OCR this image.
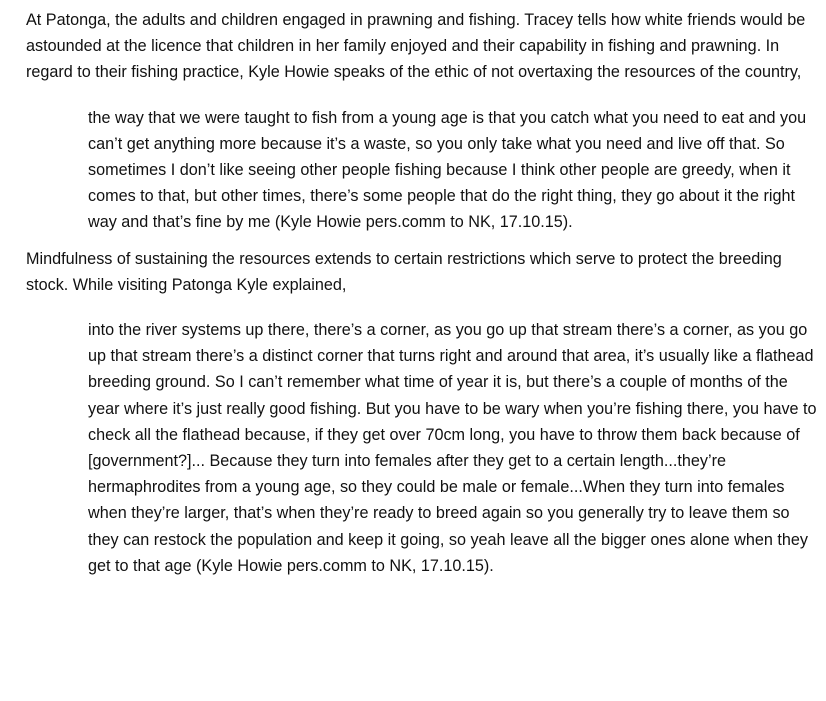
At Patonga, the adults and children engaged in prawning and fishing. Tracey tells how white friends would be astounded at the licence that children in her family enjoyed and their capability in fishing and prawning. In regard to their fishing practice, Kyle Howie speaks of the ethic of not overtaxing the resources of the country,

the way that we were taught to fish from a young age is that you catch what you need to eat and you can’t get anything more because it’s a waste, so you only take what you need and live off that. So sometimes I don’t like seeing other people fishing because I think other people are greedy, when it comes to that, but other times, there’s some people that do the right thing, they go about it the right way and that’s fine by me (Kyle Howie pers.comm to NK, 17.10.15).

Mindfulness of sustaining the resources extends to certain restrictions which serve to protect the breeding stock. While visiting Patonga Kyle explained,

into the river systems up there, there’s a corner, as you go up that stream there’s a corner, as you go up that stream there’s a distinct corner that turns right and around that area, it’s usually like a flathead breeding ground. So I can’t remember what time of year it is, but there’s a couple of months of the year where it’s just really good fishing. But you have to be wary when you’re fishing there, you have to check all the flathead because, if they get over 70cm long, you have to throw them back because of [government?]... Because they turn into females after they get to a certain length...they’re hermaphrodites from a young age, so they could be male or female...When they turn into females when they’re larger, that’s when they’re ready to breed again so you generally try to leave them so they can restock the population and keep it going, so yeah leave all the bigger ones alone when they get to that age (Kyle Howie pers.comm to NK, 17.10.15).
